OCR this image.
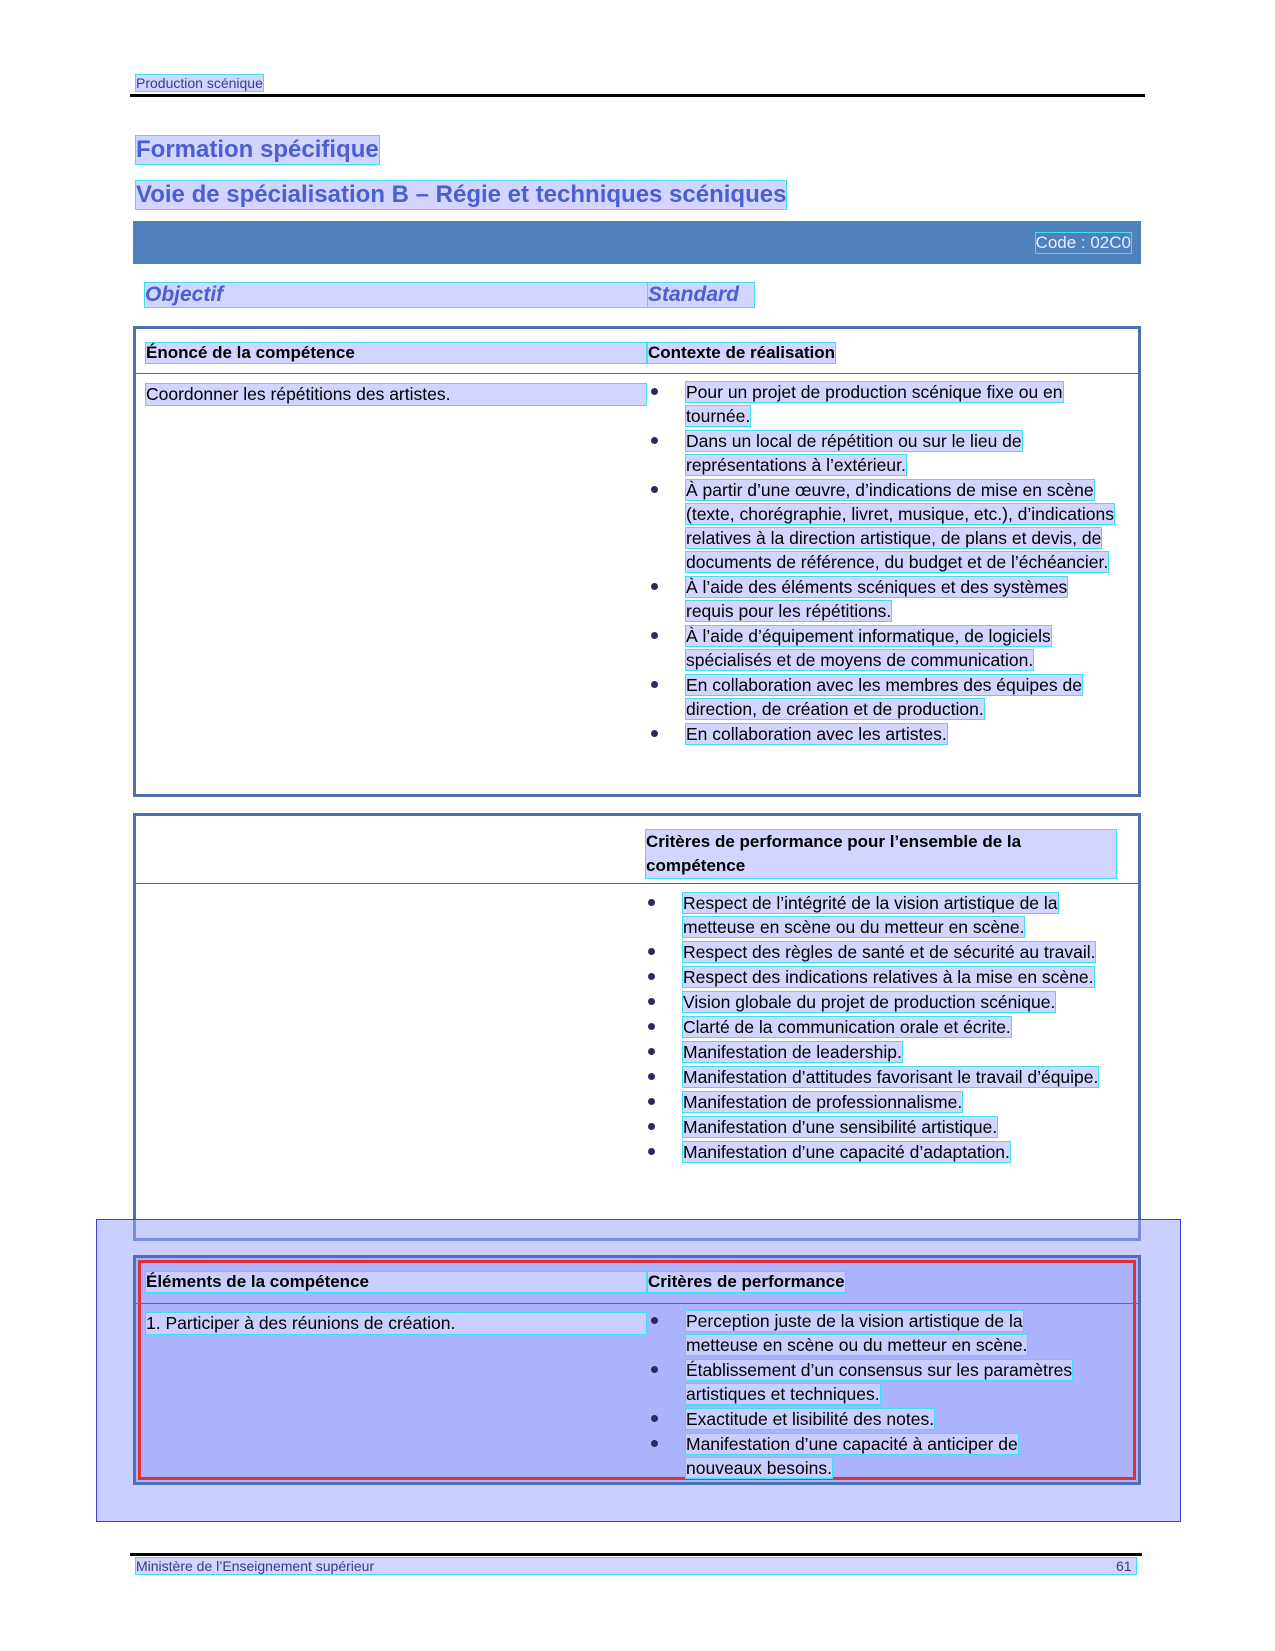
Production scénique
Formation spécifique
Voie de spécialisation B – Régie et techniques scéniques
Code : 02C0
Objectif	Standard
Énoncé de la compétence	Contexte de réalisation
Coordonner les répétitions des artistes.	Pour un projet de production scénique fixe ou en tournée.
Dans un local de répétition ou sur le lieu de représentations à l’extérieur.
À partir d’une œuvre, d’indications de mise en scène (texte, chorégraphie, livret, musique, etc.), d’indications relatives à la direction artistique, de plans et devis, de documents de référence, du budget et de l’échéancier.
À l’aide des éléments scéniques et des systèmes requis pour les répétitions.
À l’aide d’équipement informatique, de logiciels spécialisés et de moyens de communication.
En collaboration avec les membres des équipes de direction, de création et de production.
En collaboration avec les artistes.
Critères de performance pour l’ensemble de la compétence
Respect de l’intégrité de la vision artistique de la metteuse en scène ou du metteur en scène.
Respect des règles de santé et de sécurité au travail.
Respect des indications relatives à la mise en scène.
Vision globale du projet de production scénique.
Clarté de la communication orale et écrite.
Manifestation de leadership.
Manifestation d’attitudes favorisant le travail d’équipe.
Manifestation de professionnalisme.
Manifestation d’une sensibilité artistique.
Manifestation d’une capacité d’adaptation.
Éléments de la compétence	Critères de performance
1. Participer à des réunions de création.	Perception juste de la vision artistique de la metteuse en scène ou du metteur en scène.
Établissement d’un consensus sur les paramètres artistiques et techniques.
Exactitude et lisibilité des notes.
Manifestation d’une capacité à anticiper de nouveaux besoins.
Ministère de l’Enseignement supérieur	61
